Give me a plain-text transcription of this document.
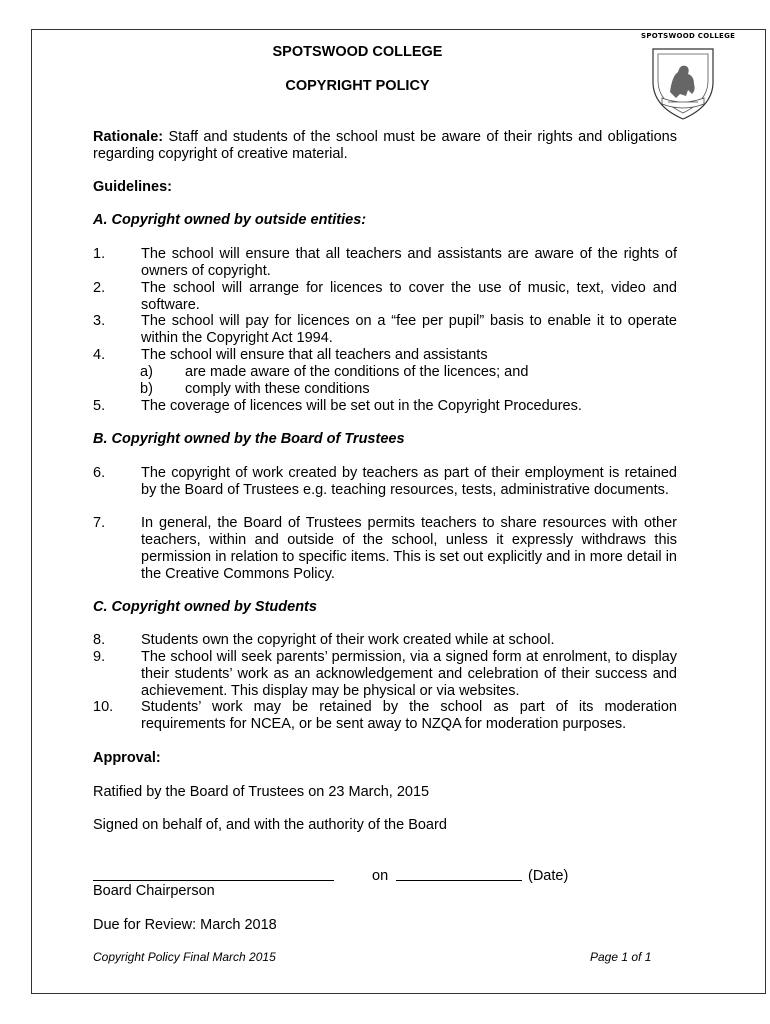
SPOTSWOOD COLLEGE
SPOTSWOOD COLLEGE
COPYRIGHT POLICY
Rationale: Staff and students of the school must be aware of their rights and obligations regarding copyright of creative material.
Guidelines:
A. Copyright owned by outside entities:
1. The school will ensure that all teachers and assistants are aware of the rights of owners of copyright.
2. The school will arrange for licences to cover the use of music, text, video and software.
3. The school will pay for licences on a “fee per pupil” basis to enable it to operate within the Copyright Act 1994.
4. The school will ensure that all teachers and assistants
a) are made aware of the conditions of the licences; and
b) comply with these conditions
5. The coverage of licences will be set out in the Copyright Procedures.
B. Copyright owned by the Board of Trustees
6. The copyright of work created by teachers as part of their employment is retained by the Board of Trustees e.g. teaching resources, tests, administrative documents.
7. In general, the Board of Trustees permits teachers to share resources with other teachers, within and outside of the school, unless it expressly withdraws this permission in relation to specific items. This is set out explicitly and in more detail in the Creative Commons Policy.
C. Copyright owned by Students
8. Students own the copyright of their work created while at school.
9. The school will seek parents’ permission, via a signed form at enrolment, to display their students’ work as an acknowledgement and celebration of their success and achievement. This display may be physical or via websites.
10. Students’ work may be retained by the school as part of its moderation requirements for NCEA, or be sent away to NZQA for moderation purposes.
Approval:
Ratified by the Board of Trustees on 23 March, 2015
Signed on behalf of, and with the authority of the Board
on	(Date)
Board Chairperson
Due for Review: March 2018
Copyright Policy Final March 2015	Page 1 of 1
